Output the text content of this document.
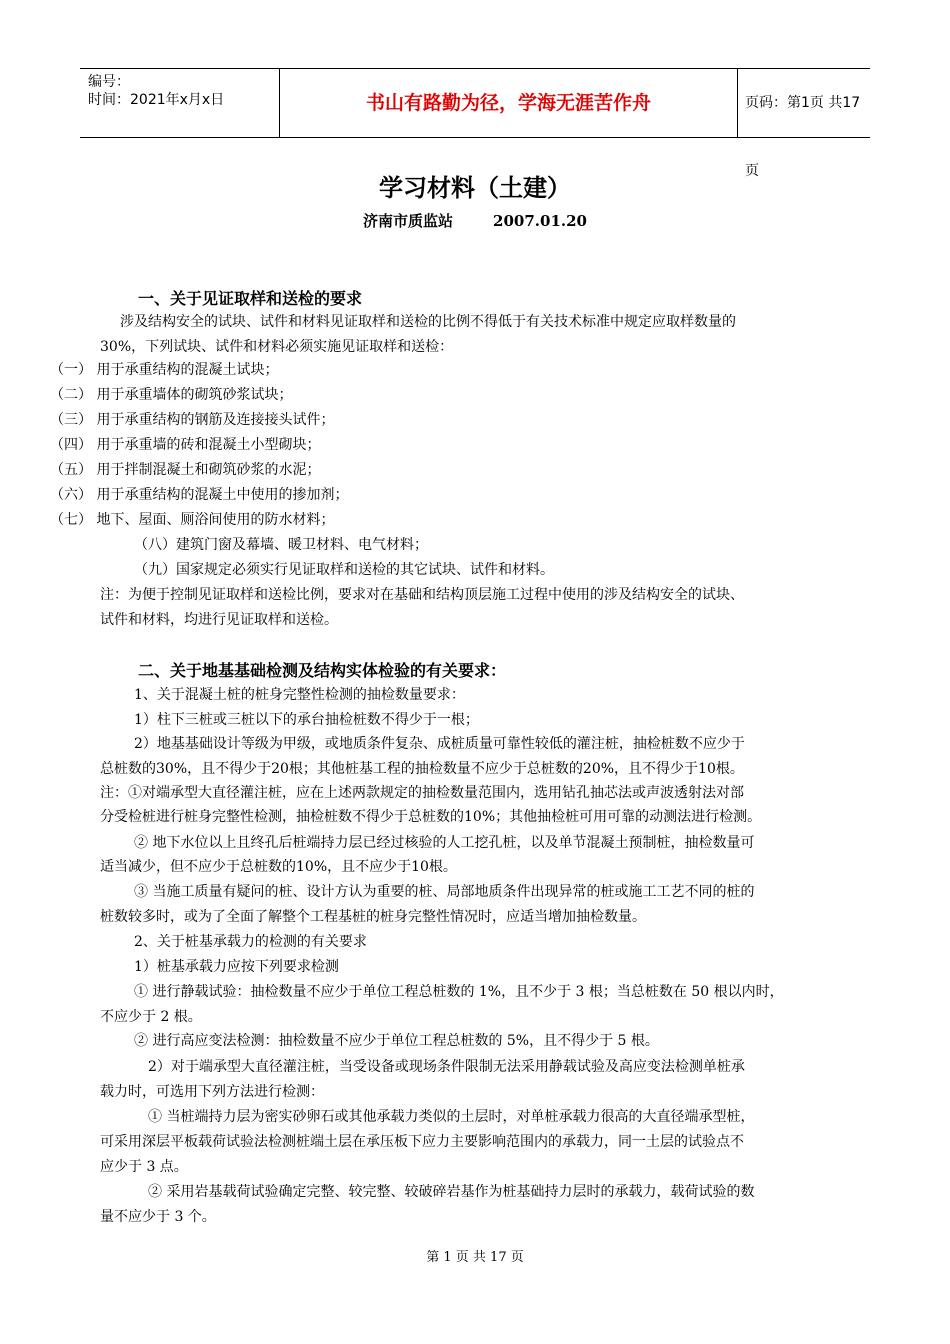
编号：
时间：2021年x月x日	书山有路勤为径，学海无涯苦作舟	页码：第1页 共17页
学习材料（土建）
济南市质监站	2007.01.20
一、关于见证取样和送检的要求
涉及结构安全的试块、试件和材料见证取样和送检的比例不得低于有关技术标准中规定应取样数量的
30%，下列试块、试件和材料必须实施见证取样和送检：
（一） 用于承重结构的混凝土试块；
（二） 用于承重墙体的砌筑砂浆试块；
（三） 用于承重结构的钢筋及连接接头试件；
（四） 用于承重墙的砖和混凝土小型砌块；
（五） 用于拌制混凝土和砌筑砂浆的水泥；
（六） 用于承重结构的混凝土中使用的掺加剂；
（七） 地下、屋面、厕浴间使用的防水材料；
（八）建筑门窗及幕墙、暖卫材料、电气材料；
（九）国家规定必须实行见证取样和送检的其它试块、试件和材料。
注：为便于控制见证取样和送检比例，要求对在基础和结构顶层施工过程中使用的涉及结构安全的试块、
试件和材料，均进行见证取样和送检。
二、关于地基基础检测及结构实体检验的有关要求：
1、关于混凝土桩的桩身完整性检测的抽检数量要求：
1）柱下三桩或三桩以下的承台抽检桩数不得少于一根；
2）地基基础设计等级为甲级，或地质条件复杂、成桩质量可靠性较低的灌注桩，抽检桩数不应少于
总桩数的30%，且不得少于20根；其他桩基工程的抽检数量不应少于总桩数的20%，且不得少于10根。
注：①对端承型大直径灌注桩，应在上述两款规定的抽检数量范围内，选用钻孔抽芯法或声波透射法对部
分受检桩进行桩身完整性检测，抽检桩数不得少于总桩数的10%；其他抽检桩可用可靠的动测法进行检测。
② 地下水位以上且终孔后桩端持力层已经过核验的人工挖孔桩，以及单节混凝土预制桩，抽检数量可
适当减少，但不应少于总桩数的10%，且不应少于10根。
③ 当施工质量有疑问的桩、设计方认为重要的桩、局部地质条件出现异常的桩或施工工艺不同的桩的
桩数较多时，或为了全面了解整个工程基桩的桩身完整性情况时，应适当增加抽检数量。
2、关于桩基承载力的检测的有关要求
1）桩基承载力应按下列要求检测
① 进行静载试验：抽检数量不应少于单位工程总桩数的 1%，且不少于 3 根；当总桩数在 50 根以内时，
不应少于 2 根。
② 进行高应变法检测：抽检数量不应少于单位工程总桩数的 5%，且不得少于 5 根。
2）对于端承型大直径灌注桩，当受设备或现场条件限制无法采用静载试验及高应变法检测单桩承
载力时，可选用下列方法进行检测：
① 当桩端持力层为密实砂卵石或其他承载力类似的土层时，对单桩承载力很高的大直径端承型桩，
可采用深层平板载荷试验法检测桩端土层在承压板下应力主要影响范围内的承载力，同一土层的试验点不
应少于 3 点。
② 采用岩基载荷试验确定完整、较完整、较破碎岩基作为桩基础持力层时的承载力，载荷试验的数
量不应少于 3 个。
第 1 页 共 17 页
